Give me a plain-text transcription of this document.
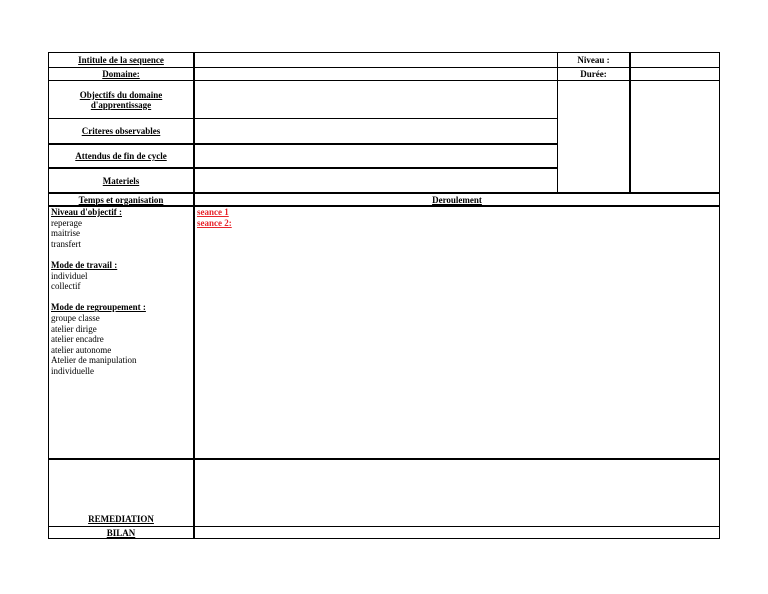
Intitule de la sequence
Domaine:
Objectifs du domaine d'apprentissage
Criteres observables
Attendus de fin de cycle
Materiels
Niveau :
Durée:
Temps et organisation	Deroulement
Niveau d'objectif :
reperage
maitrise
transfert
Mode de travail :
individuel
collectif
Mode de regroupement :
groupe classe
atelier dirige
atelier encadre
atelier autonome
Atelier de manipulation
individuelle
seance 1
seance 2:
REMEDIATION
BILAN
